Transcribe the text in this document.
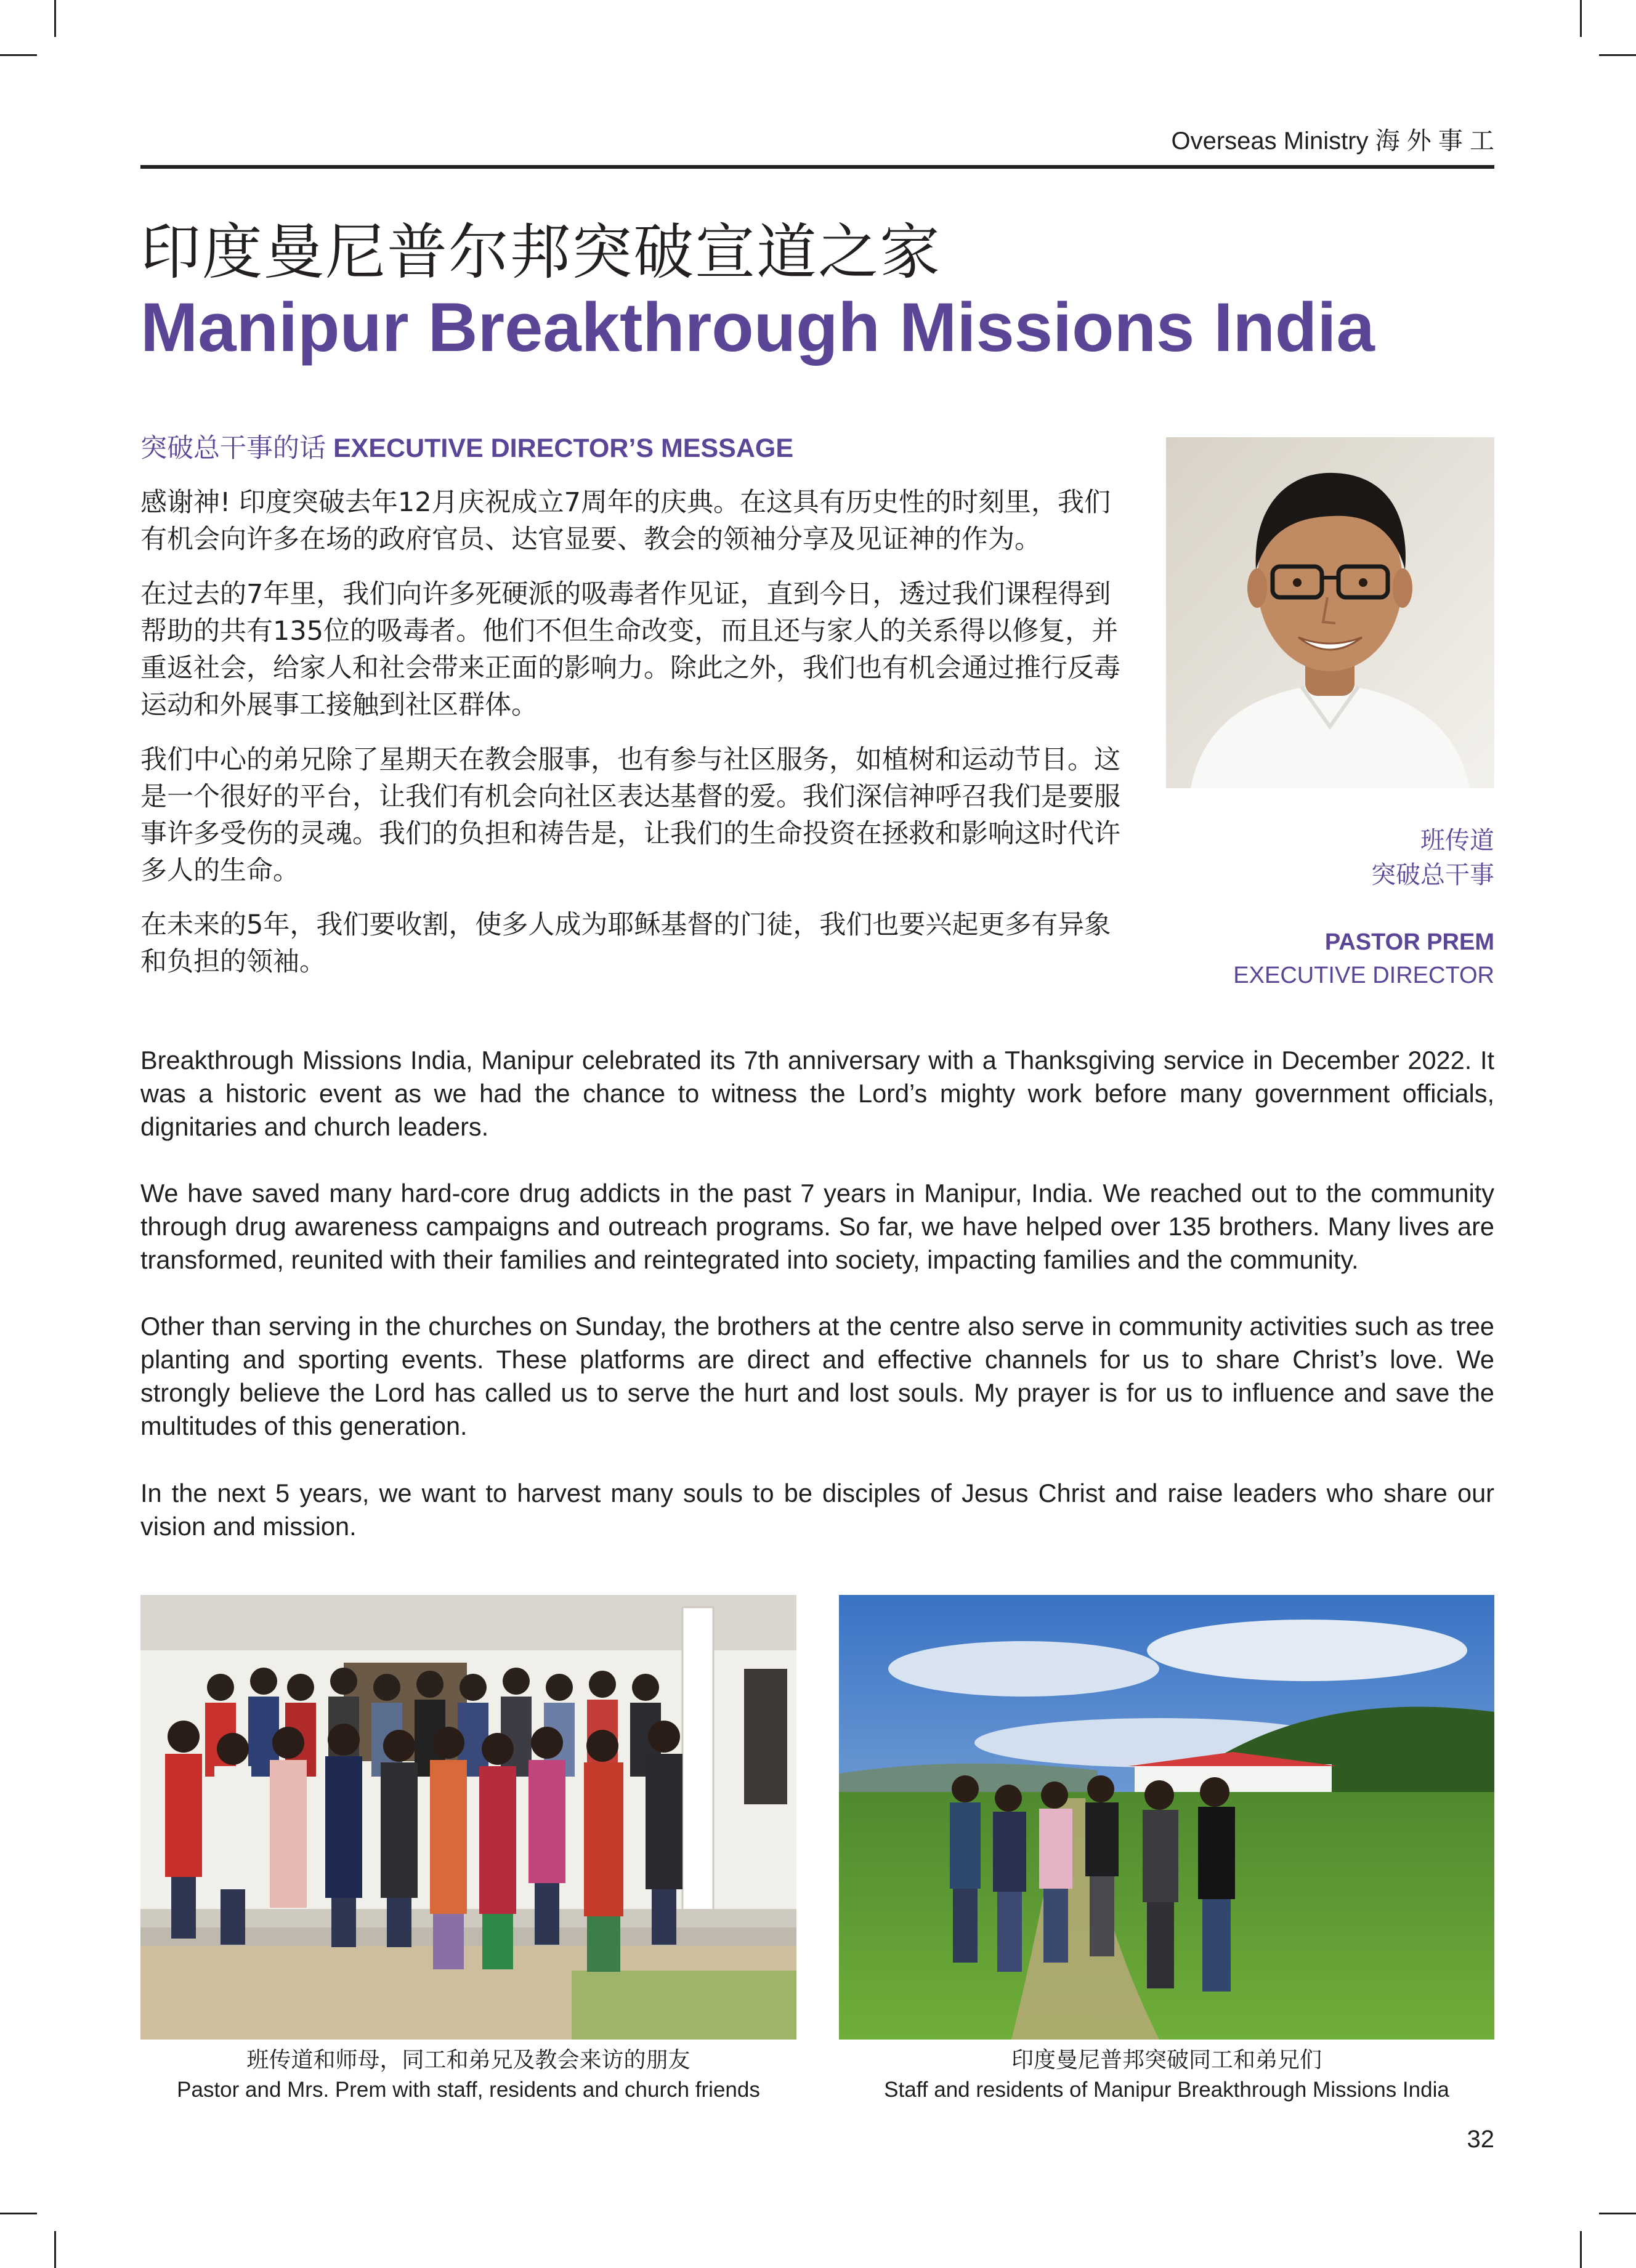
Overseas Ministry 海 外 事 工
印度曼尼普尔邦突破宣道之家
Manipur Breakthrough Missions India
突破总干事的话 EXECUTIVE DIRECTOR’S MESSAGE

感谢神! 印度突破去年12月庆祝成立7周年的庆典。在这具有历史性的时刻里，我们有机会向许多在场的政府官员、达官显要、教会的领袖分享及见证神的作为。

在过去的7年里，我们向许多死硬派的吸毒者作见证，直到今日，透过我们课程得到帮助的共有135位的吸毒者。他们不但生命改变，而且还与家人的关系得以修复，并重返社会，给家人和社会带来正面的影响力。除此之外，我们也有机会通过推行反毒运动和外展事工接触到社区群体。

我们中心的弟兄除了星期天在教会服事，也有参与社区服务，如植树和运动节目。这是一个很好的平台，让我们有机会向社区表达基督的爱。我们深信神呼召我们是要服事许多受伤的灵魂。我们的负担和祷告是，让我们的生命投资在拯救和影响这时代许多人的生命。

在未来的5年，我们要收割，使多人成为耶稣基督的门徒，我们也要兴起更多有异象和负担的领袖。

班传道
突破总干事
PASTOR PREM
EXECUTIVE DIRECTOR

Breakthrough Missions India, Manipur celebrated its 7th anniversary with a Thanksgiving service in December 2022. It was a historic event as we had the chance to witness the Lord’s mighty work before many government officials, dignitaries and church leaders.

We have saved many hard-core drug addicts in the past 7 years in Manipur, India. We reached out to the community through drug awareness campaigns and outreach programs. So far, we have helped over 135 brothers. Many lives are transformed, reunited with their families and reintegrated into society, impacting families and the community.

Other than serving in the churches on Sunday, the brothers at the centre also serve in community activities such as tree planting and sporting events. These platforms are direct and effective channels for us to share Christ’s love. We strongly believe the Lord has called us to serve the hurt and lost souls. My prayer is for us to influence and save the multitudes of this generation.

In the next 5 years, we want to harvest many souls to be disciples of Jesus Christ and raise leaders who share our vision and mission.

班传道和师母，同工和弟兄及教会来访的朋友
Pastor and Mrs. Prem with staff, residents and church friends
印度曼尼普邦突破同工和弟兄们
Staff and residents of Manipur Breakthrough Missions India
32
